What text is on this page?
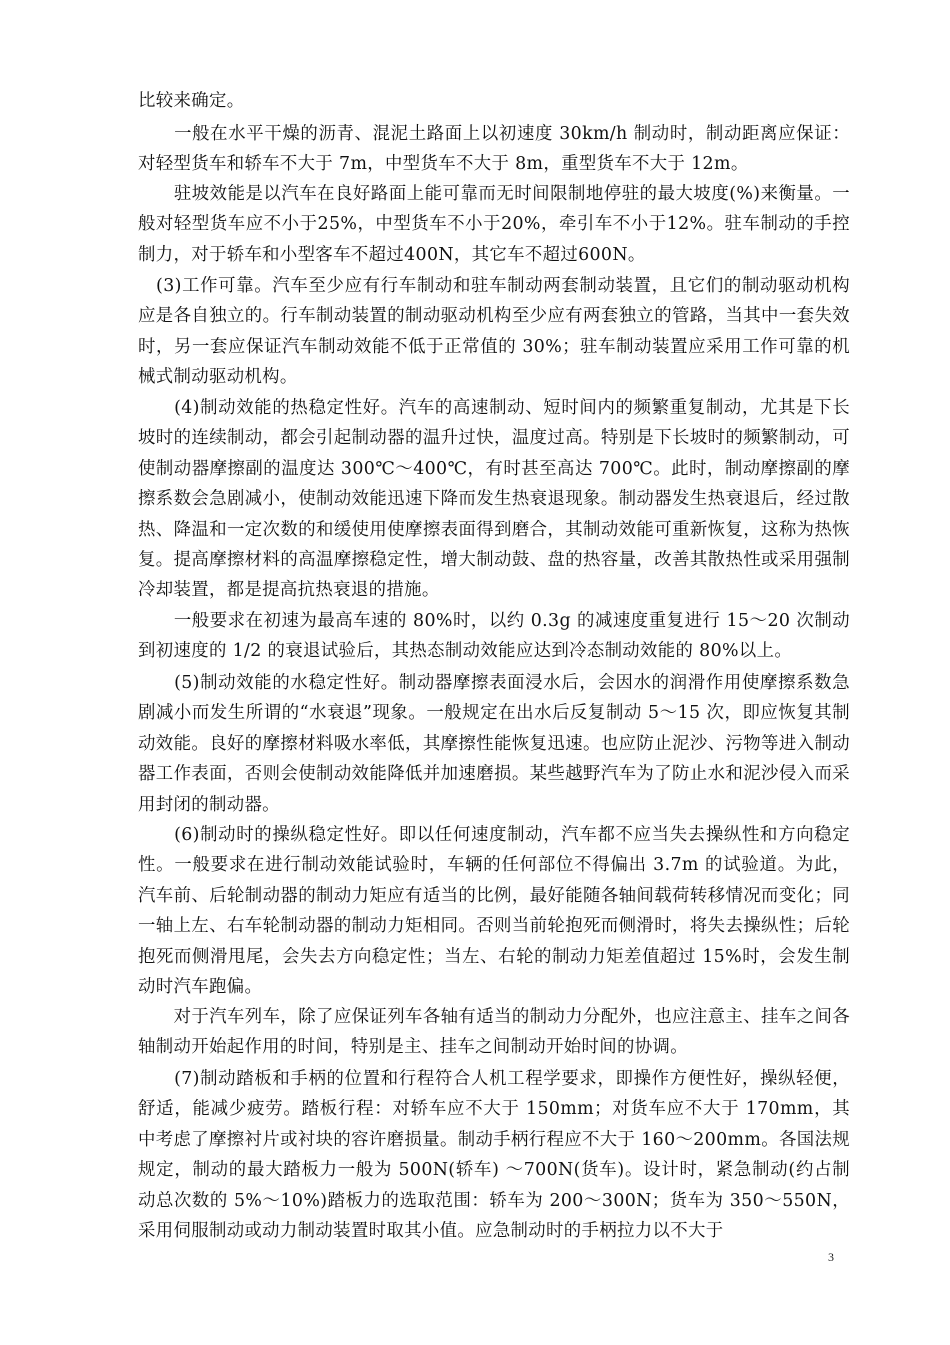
比较来确定。

　　一般在水平干燥的沥青、混泥土路面上以初速度 30km/h 制动时，制动距离应保证：对轻型货车和轿车不大于 7m，中型货车不大于 8m，重型货车不大于 12m。

　　驻坡效能是以汽车在良好路面上能可靠而无时间限制地停驻的最大坡度(%)来衡量。一般对轻型货车应不小于25%，中型货车不小于20%，牵引车不小于12%。驻车制动的手控制力，对于轿车和小型客车不超过400N，其它车不超过600N。

　(3)工作可靠。汽车至少应有行车制动和驻车制动两套制动装置，且它们的制动驱动机构应是各自独立的。行车制动装置的制动驱动机构至少应有两套独立的管路，当其中一套失效时，另一套应保证汽车制动效能不低于正常值的 30%；驻车制动装置应采用工作可靠的机械式制动驱动机构。

　　(4)制动效能的热稳定性好。汽车的高速制动、短时间内的频繁重复制动，尤其是下长坡时的连续制动，都会引起制动器的温升过快，温度过高。特别是下长坡时的频繁制动，可使制动器摩擦副的温度达 300℃～400℃，有时甚至高达 700℃。此时，制动摩擦副的摩擦系数会急剧减小，使制动效能迅速下降而发生热衰退现象。制动器发生热衰退后，经过散热、降温和一定次数的和缓使用使摩擦表面得到磨合，其制动效能可重新恢复，这称为热恢复。提高摩擦材料的高温摩擦稳定性，增大制动鼓、盘的热容量，改善其散热性或采用强制冷却装置，都是提高抗热衰退的措施。

　　一般要求在初速为最高车速的 80%时，以约 0.3g 的减速度重复进行 15～20 次制动到初速度的 1/2 的衰退试验后，其热态制动效能应达到冷态制动效能的 80%以上。

　　(5)制动效能的水稳定性好。制动器摩擦表面浸水后，会因水的润滑作用使摩擦系数急剧减小而发生所谓的“水衰退”现象。一般规定在出水后反复制动 5～15 次，即应恢复其制动效能。良好的摩擦材料吸水率低，其摩擦性能恢复迅速。也应防止泥沙、污物等进入制动器工作表面，否则会使制动效能降低并加速磨损。某些越野汽车为了防止水和泥沙侵入而采用封闭的制动器。

　　(6)制动时的操纵稳定性好。即以任何速度制动，汽车都不应当失去操纵性和方向稳定性。一般要求在进行制动效能试验时，车辆的任何部位不得偏出 3.7m 的试验道。为此，汽车前、后轮制动器的制动力矩应有适当的比例，最好能随各轴间载荷转移情况而变化；同一轴上左、右车轮制动器的制动力矩相同。否则当前轮抱死而侧滑时，将失去操纵性；后轮抱死而侧滑甩尾，会失去方向稳定性；当左、右轮的制动力矩差值超过 15%时，会发生制动时汽车跑偏。

　　对于汽车列车，除了应保证列车各轴有适当的制动力分配外，也应注意主、挂车之间各轴制动开始起作用的时间，特别是主、挂车之间制动开始时间的协调。

　　(7)制动踏板和手柄的位置和行程符合人机工程学要求，即操作方便性好，操纵轻便，舒适，能减少疲劳。踏板行程：对轿车应不大于 150mm；对货车应不大于 170mm，其中考虑了摩擦衬片或衬块的容许磨损量。制动手柄行程应不大于 160～200mm。各国法规规定，制动的最大踏板力一般为 500N(轿车) ～700N(货车)。设计时，紧急制动(约占制动总次数的 5%～10%)踏板力的选取范围：轿车为 200～300N；货车为 350～550N，采用伺服制动或动力制动装置时取其小值。应急制动时的手柄拉力以不大于

3
